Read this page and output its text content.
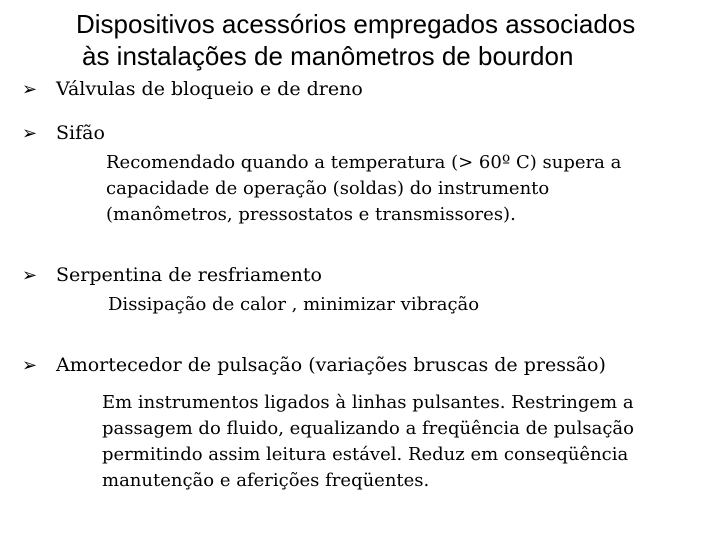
Dispositivos acessórios empregados associados
às instalações de manômetros de bourdon
➢ Válvulas de bloqueio e de dreno
➢ Sifão
Recomendado quando a temperatura (> 60º C) supera a
capacidade de operação (soldas) do instrumento
(manômetros, pressostatos e transmissores).
➢ Serpentina de resfriamento
Dissipação de calor , minimizar vibração
➢ Amortecedor de pulsação (variações bruscas de pressão)
Em instrumentos ligados à linhas pulsantes. Restringem a
passagem do fluido, equalizando a freqüência de pulsação
permitindo assim leitura estável. Reduz em conseqüência
manutenção e aferições freqüentes.
